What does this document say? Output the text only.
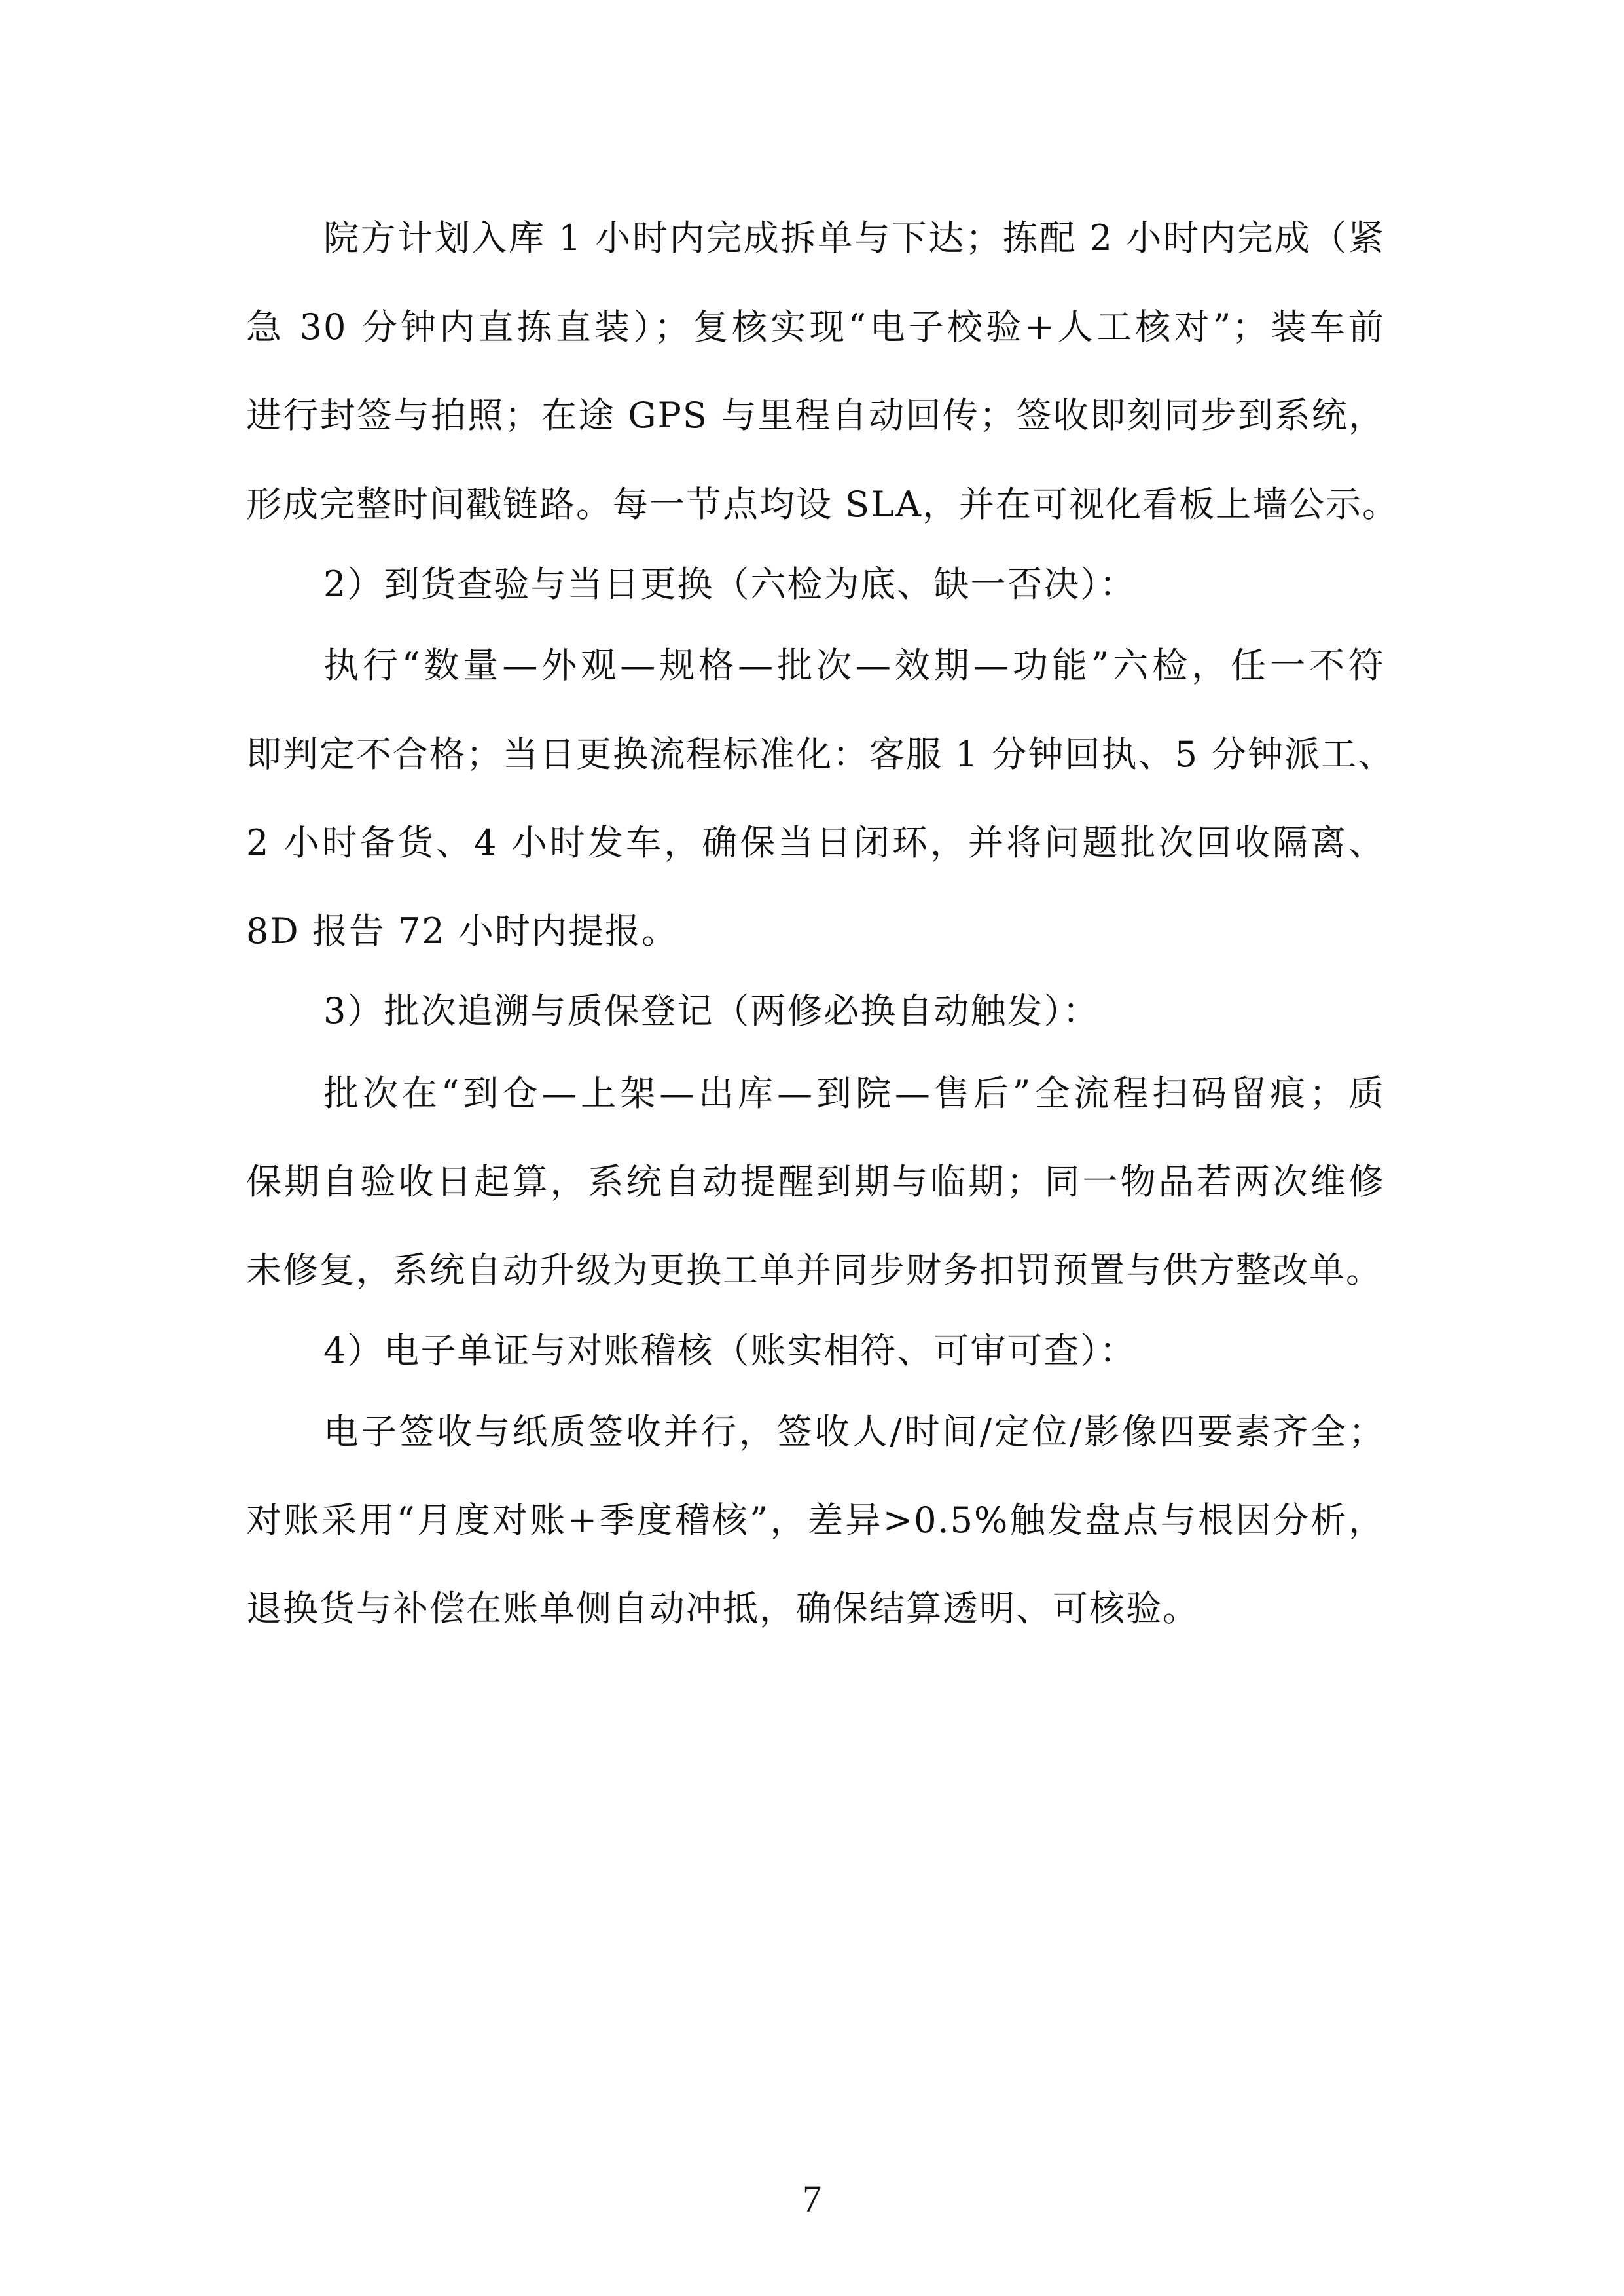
院方计划入库 1 小时内完成拆单与下达；拣配 2 小时内完成（紧
急 30 分钟内直拣直装）；复核实现“电子校验+人工核对”；装车前
进行封签与拍照；在途 GPS 与里程自动回传；签收即刻同步到系统，
形成完整时间戳链路。每一节点均设 SLA，并在可视化看板上墙公示。
2）到货查验与当日更换（六检为底、缺一否决）：
执行“数量—外观—规格—批次—效期—功能”六检，任一不符
即判定不合格；当日更换流程标准化：客服 1 分钟回执、5 分钟派工、
2 小时备货、4 小时发车，确保当日闭环，并将问题批次回收隔离、
8D 报告 72 小时内提报。
3）批次追溯与质保登记（两修必换自动触发）：
批次在“到仓—上架—出库—到院—售后”全流程扫码留痕；质
保期自验收日起算，系统自动提醒到期与临期；同一物品若两次维修
未修复，系统自动升级为更换工单并同步财务扣罚预置与供方整改单。
4）电子单证与对账稽核（账实相符、可审可查）：
电子签收与纸质签收并行，签收人/时间/定位/影像四要素齐全；
对账采用“月度对账+季度稽核”，差异>0.5%触发盘点与根因分析，
退换货与补偿在账单侧自动冲抵，确保结算透明、可核验。
7
